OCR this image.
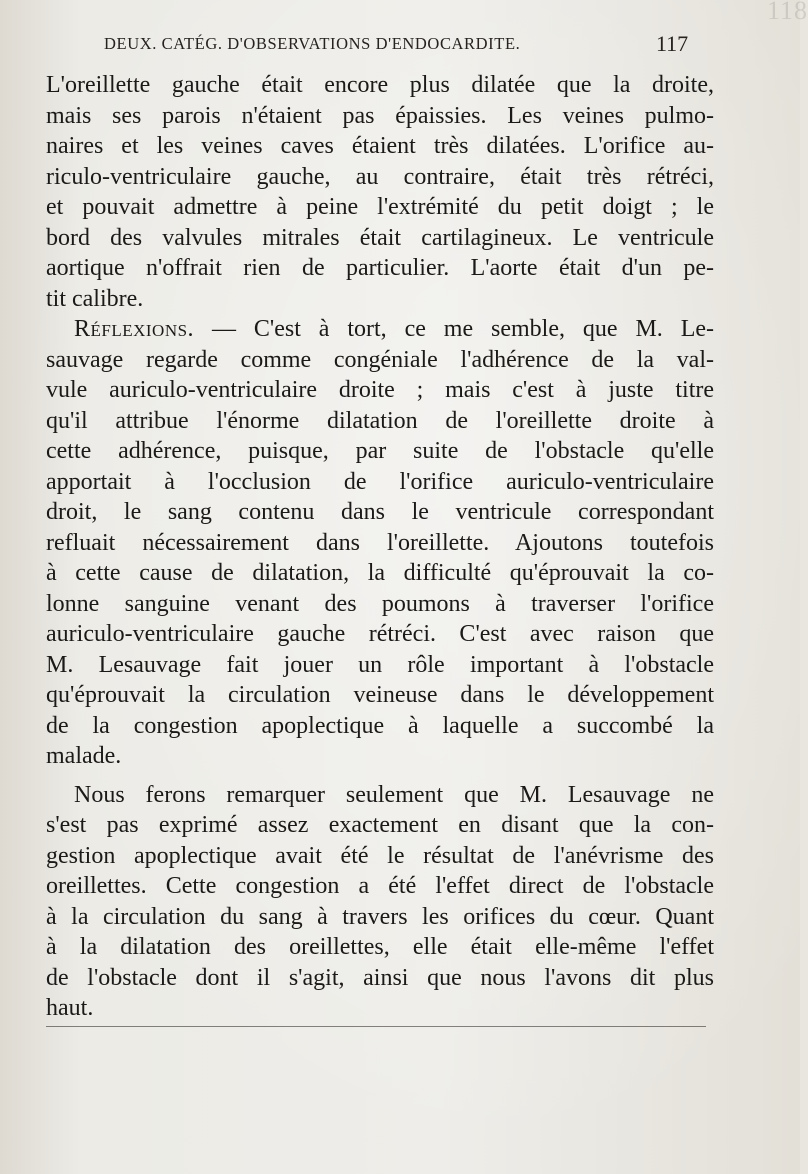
118
DEUX. CATÉG. D'OBSERVATIONS D'ENDOCARDITE.	117
L'oreillette gauche était encore plus dilatée que la droite,
mais ses parois n'étaient pas épaissies. Les veines pulmo-
naires et les veines caves étaient très dilatées. L'orifice au-
riculo-ventriculaire gauche, au contraire, était très rétréci,
et pouvait admettre à peine l'extrémité du petit doigt ; le
bord des valvules mitrales était cartilagineux. Le ventricule
aortique n'offrait rien de particulier. L'aorte était d'un pe-
tit calibre.
Réflexions. — C'est à tort, ce me semble, que M. Le-
sauvage regarde comme congéniale l'adhérence de la val-
vule auriculo-ventriculaire droite ; mais c'est à juste titre
qu'il attribue l'énorme dilatation de l'oreillette droite à
cette adhérence, puisque, par suite de l'obstacle qu'elle
apportait à l'occlusion de l'orifice auriculo-ventriculaire
droit, le sang contenu dans le ventricule correspondant
refluait nécessairement dans l'oreillette. Ajoutons toutefois
à cette cause de dilatation, la difficulté qu'éprouvait la co-
lonne sanguine venant des poumons à traverser l'orifice
auriculo-ventriculaire gauche rétréci. C'est avec raison que
M. Lesauvage fait jouer un rôle important à l'obstacle
qu'éprouvait la circulation veineuse dans le développement
de la congestion apoplectique à laquelle a succombé la
malade.
Nous ferons remarquer seulement que M. Lesauvage ne
s'est pas exprimé assez exactement en disant que la con-
gestion apoplectique avait été le résultat de l'anévrisme des
oreillettes. Cette congestion a été l'effet direct de l'obstacle
à la circulation du sang à travers les orifices du cœur. Quant
à la dilatation des oreillettes, elle était elle-même l'effet
de l'obstacle dont il s'agit, ainsi que nous l'avons dit plus
haut.
